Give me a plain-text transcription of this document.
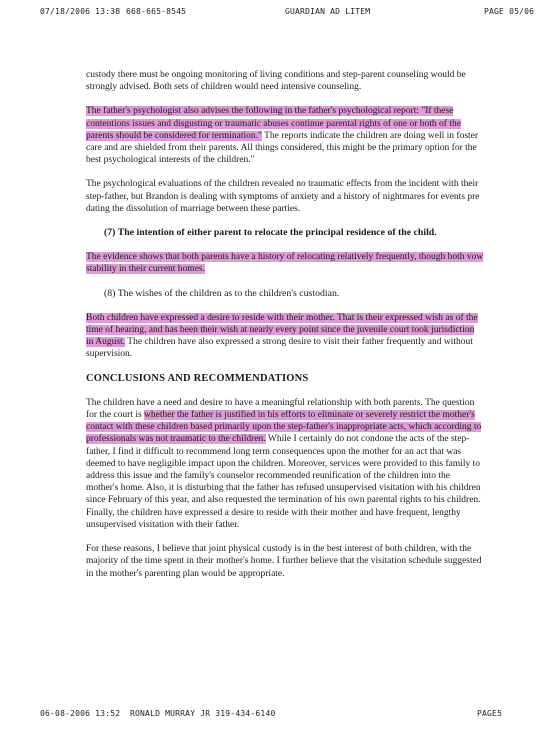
07/18/2006 13:38 668-665-8545	GUARDIAN AD LITEM	PAGE 05/06

custody there must be ongoing monitoring of living conditions and step-parent counseling would be strongly advised. Both sets of children would need intensive counseling.

The father's psychologist also advises the following in the father's psychological report: "If these contentions issues and disgusting or traumatic abuses continue parental rights of one or both of the parents should be considered for termination." The reports indicate the children are doing well in foster care and are shielded from their parents. All things considered, this might be the primary option for the best psychological interests of the children."

The psychological evaluations of the children revealed no traumatic effects from the incident with their step-father, but Brandon is dealing with symptoms of anxiety and a history of nightmares for events pre dating the dissolution of marriage between these parties.

(7) The intention of either parent to relocate the principal residence of the child.

The evidence shows that both parents have a history of relocating relatively frequently, though both vow stability in their current homes.

(8) The wishes of the children as to the children's custodian.

Both children have expressed a desire to reside with their mother. That is their expressed wish as of the time of hearing, and has been their wish at nearly every point since the juvenile court took jurisdiction in August. The children have also expressed a strong desire to visit their father frequently and without supervision.

CONCLUSIONS AND RECOMMENDATIONS

The children have a need and desire to have a meaningful relationship with both parents. The question for the court is whether the father is justified in his efforts to eliminate or severely restrict the mother's contact with these children based primarily upon the step-father's inappropriate acts, which according to professionals was not traumatic to the children. While I certainly do not condone the acts of the step-father, I find it difficult to recommend long term consequences upon the mother for an act that was deemed to have negligible impact upon the children. Moreover, services were provided to this family to address this issue and the family's counselor recommended reunification of the children into the mother's home. Also, it is disturbing that the father has refused unsupervised visitation with his children since February of this year, and also requested the termination of his own parental rights to his children. Finally, the children have expressed a desire to reside with their mother and have frequent, lengthy unsupervised visitation with their father.

For these reasons, I believe that joint physical custody is in the best interest of both children, with the majority of the time spent in their mother's home. I further believe that the visitation schedule suggested in the mother's parenting plan would be appropriate.

06-08-2006 13:52 RONALD MURRAY JR 319-434-6140	PAGE5
